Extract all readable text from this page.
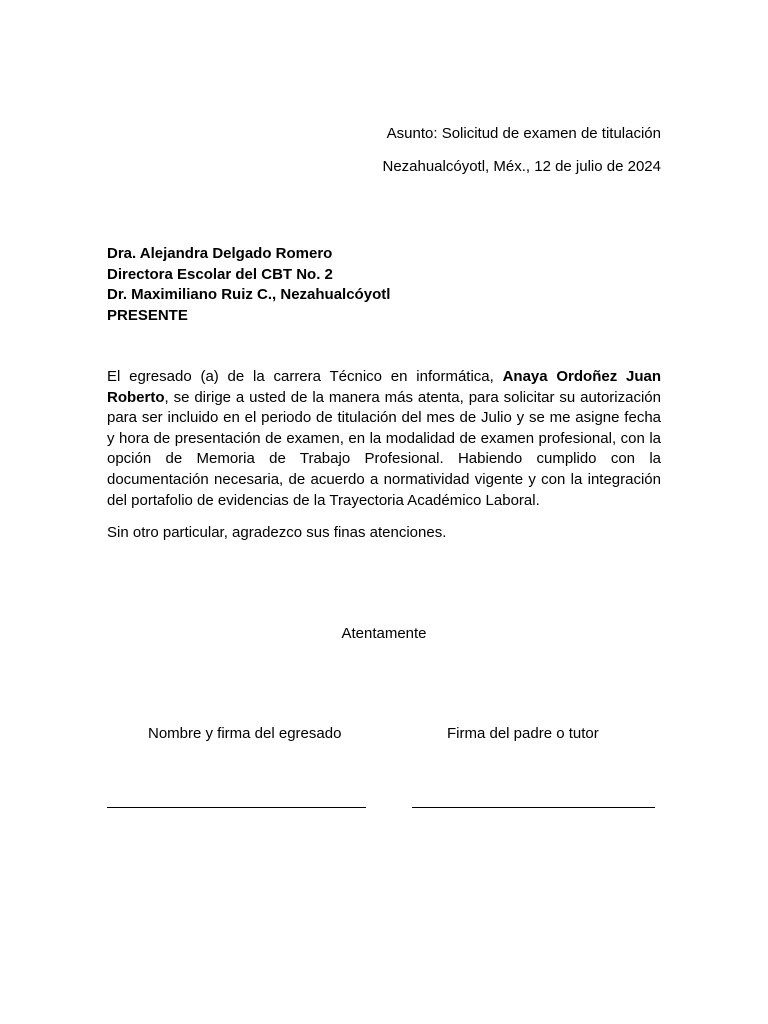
Asunto: Solicitud de examen de titulación
Nezahualcóyotl, Méx., 12 de julio de 2024
Dra. Alejandra Delgado Romero
Directora Escolar del CBT No. 2
Dr. Maximiliano Ruiz C., Nezahualcóyotl
PRESENTE
El egresado (a) de la carrera Técnico en informática, Anaya Ordoñez Juan Roberto, se dirige a usted de la manera más atenta, para solicitar su autorización para ser incluido en el periodo de titulación del mes de Julio y se me asigne fecha y hora de presentación de examen, en la modalidad de examen profesional, con la opción de Memoria de Trabajo Profesional. Habiendo cumplido con la documentación necesaria, de acuerdo a normatividad vigente y con la integración del portafolio de evidencias de la Trayectoria Académico Laboral.
Sin otro particular, agradezco sus finas atenciones.
Atentamente
Nombre y firma del egresado	Firma del padre o tutor
